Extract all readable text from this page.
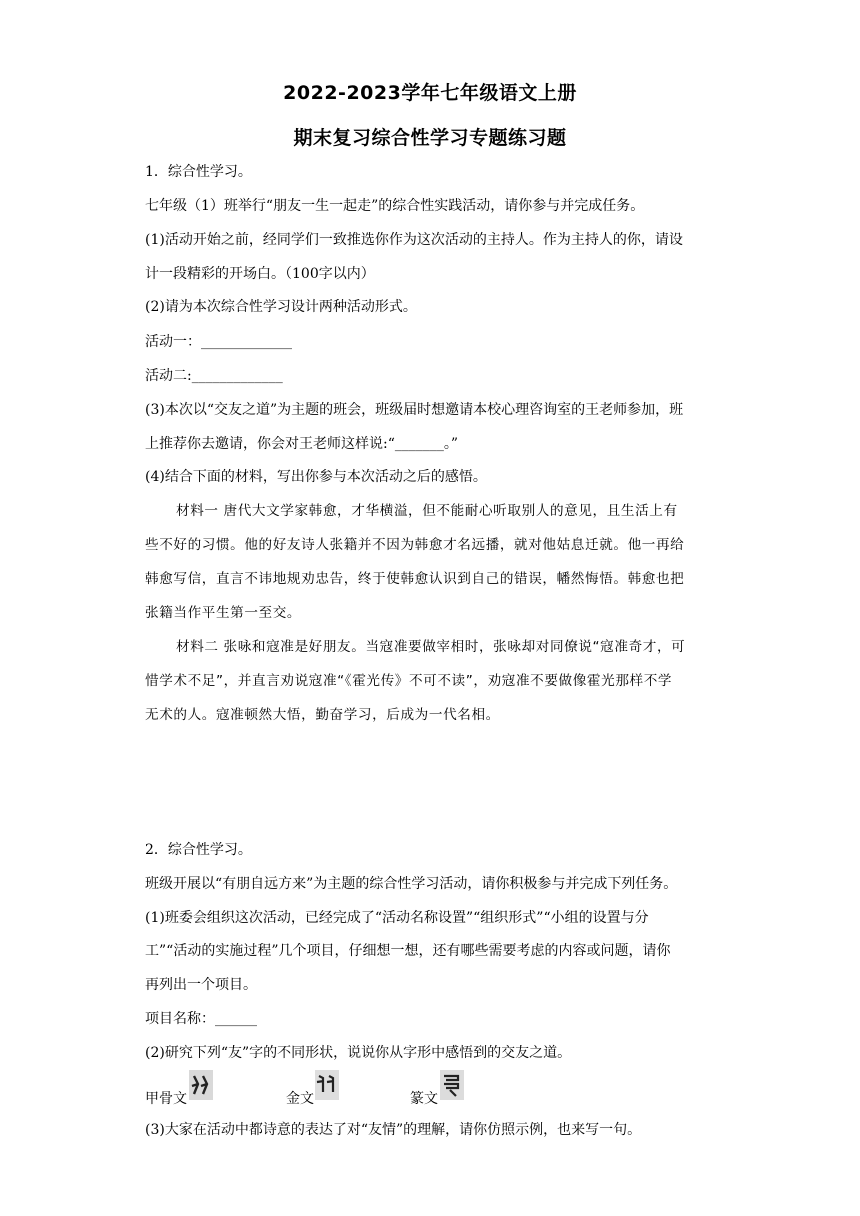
2022-2023学年七年级语文上册
期末复习综合性学习专题练习题
1．综合性学习。
七年级（1）班举行“朋友一生一起走”的综合性实践活动，请你参与并完成任务。
(1)活动开始之前，经同学们一致推选你作为这次活动的主持人。作为主持人的你，请设
计一段精彩的开场白。（100字以内）
(2)请为本次综合性学习设计两种活动形式。
活动一：_____________
活动二:_____________
(3)本次以“交友之道”为主题的班会，班级届时想邀请本校心理咨询室的王老师参加，班
上推荐你去邀请，你会对王老师这样说:“_______。”
(4)结合下面的材料，写出你参与本次活动之后的感悟。
材料一 唐代大文学家韩愈，才华横溢，但不能耐心听取别人的意见，且生活上有
些不好的习惯。他的好友诗人张籍并不因为韩愈才名远播，就对他姑息迁就。他一再给
韩愈写信，直言不讳地规劝忠告，终于使韩愈认识到自己的错误，幡然悔悟。韩愈也把
张籍当作平生第一至交。
材料二 张咏和寇准是好朋友。当寇准要做宰相时，张咏却对同僚说“寇准奇才，可
惜学术不足”，并直言劝说寇准“《霍光传》不可不读”，劝寇准不要做像霍光那样不学
无术的人。寇准顿然大悟，勤奋学习，后成为一代名相。
2．综合性学习。
班级开展以“有朋自远方来”为主题的综合性学习活动，请你积极参与并完成下列任务。
(1)班委会组织这次活动，已经完成了“活动名称设置”“组织形式”“小组的设置与分
工”“活动的实施过程”几个项目，仔细想一想，还有哪些需要考虑的内容或问题，请你
再列出一个项目。
项目名称：______
(2)研究下列“友”字的不同形状，说说你从字形中感悟到的交友之道。
甲骨文	金文	篆文
(3)大家在活动中都诗意的表达了对“友情”的理解，请你仿照示例，也来写一句。
